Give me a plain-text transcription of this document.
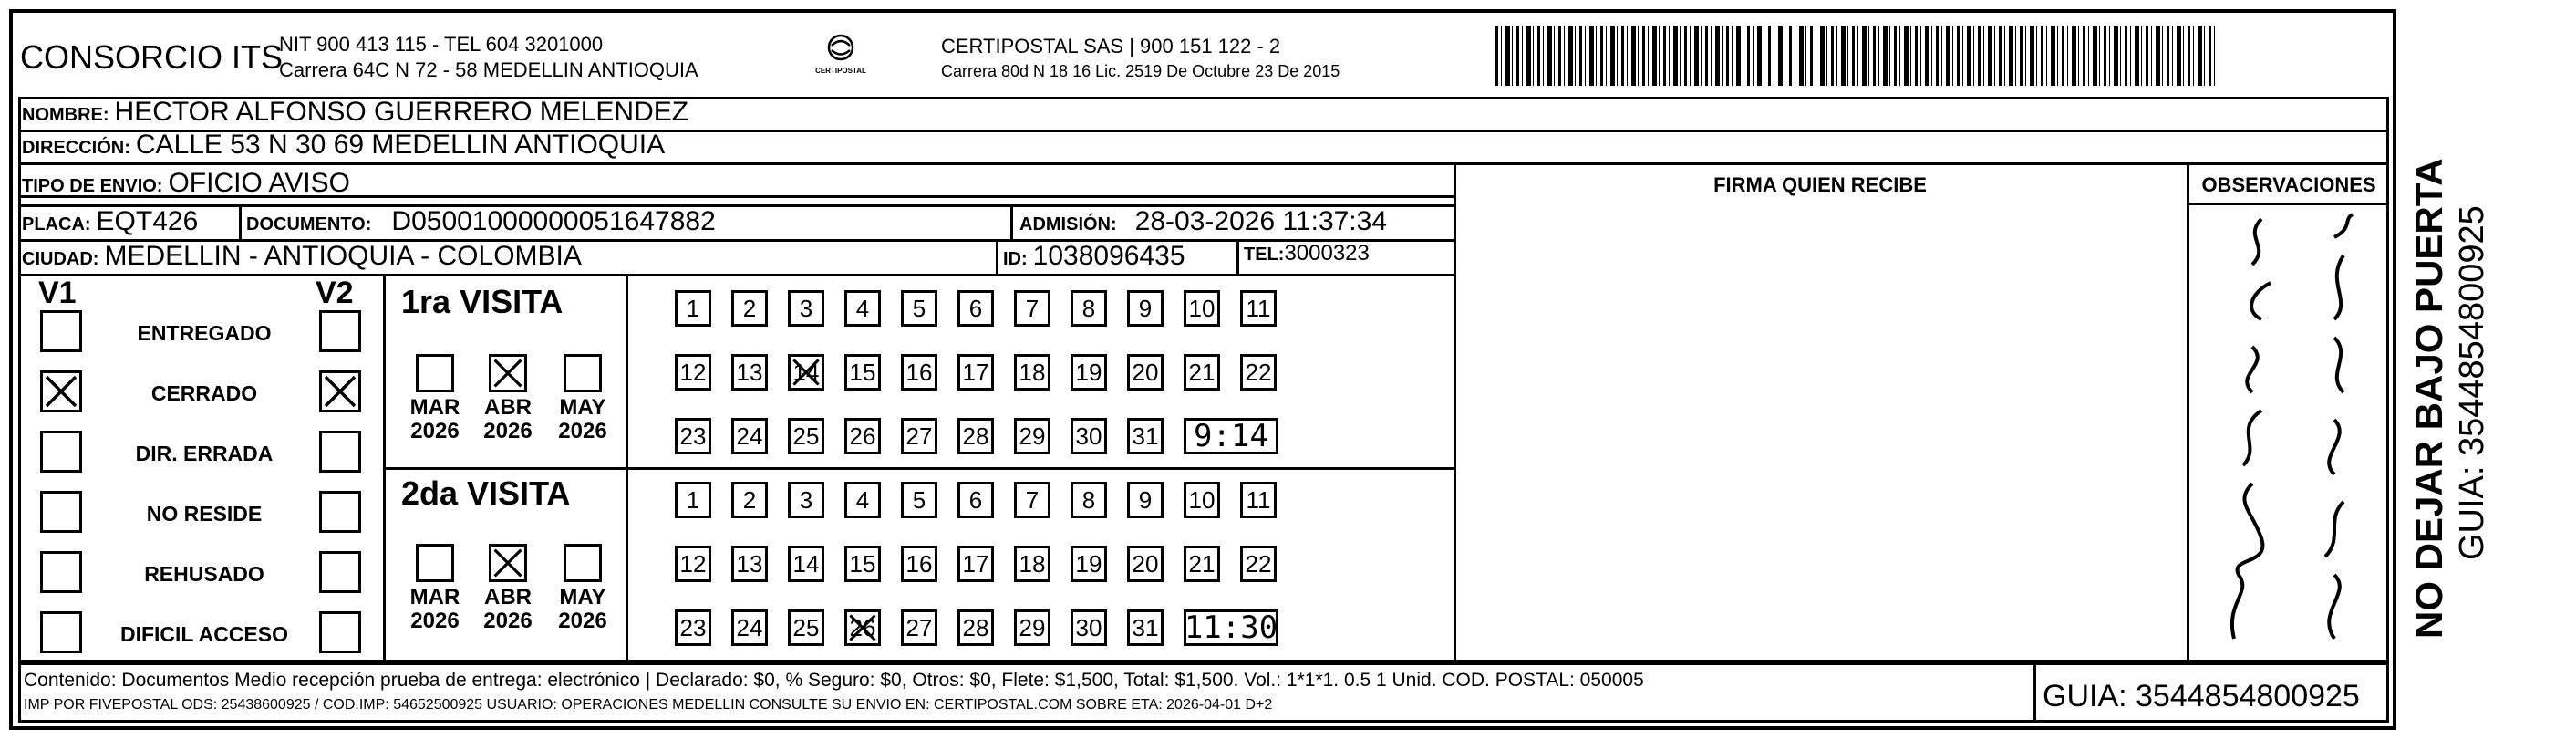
CONSORCIO ITS
NIT 900 413 115 - TEL 604 3201000
Carrera 64C N 72 - 58 MEDELLIN ANTIOQUIA	CERTIPOSTAL
CERTIPOSTAL SAS | 900 151 122 - 2
Carrera 80d N 18 16 Lic. 2519 De Octubre 23 De 2015
NOMBRE: HECTOR ALFONSO GUERRERO MELENDEZ
DIRECCIÓN: CALLE 53 N 30 69 MEDELLIN ANTIOQUIA
TIPO DE ENVIO: OFICIO AVISO
PLACA: EQT426	DOCUMENTO: D05001000000051647882	ADMISIÓN: 28-03-2026 11:37:34
CIUDAD: MEDELLIN - ANTIOQUIA - COLOMBIA	ID: 1038096435	TEL: 3000323
FIRMA QUIEN RECIBE	OBSERVACIONES
V1	V2 1ra VISITA
2da VISITA
Contenido: Documentos Medio recepción prueba de entrega: electrónico | Declarado: $0, % Seguro: $0, Otros: $0, Flete: $1,500, Total: $1,500. Vol.: 1*1*1. 0.5 1 Unid. COD. POSTAL: 050005
IMP POR FIVEPOSTAL ODS: 25438600925 / COD.IMP: 54652500925 USUARIO: OPERACIONES MEDELLIN CONSULTE SU ENVIO EN: CERTIPOSTAL.COM SOBRE ETA: 2026-04-01 D+2	GUIA: 3544854800925
NO DEJAR BAJO PUERTA GUIA: 3544854800925
ENTREGADO
CERRADO
DIR. ERRADA
NO RESIDE
REHUSADO
DIFICIL ACCESO
MAR
2026
ABR
2026
MAY
2026
MAR
2026
ABR
2026
MAY
2026
1 2 3 4 5 6 7 8 9 10 11
12 13 14 15 16 17 18 19 20 21 22
23 24 25 26 27 28 29 30 31	9:14
1 2 3 4 5 6 7 8 9 10 11
12 13 14 15 16 17 18 19 20 21 22
23 24 25 26 27 28 29 30 31 11:30
